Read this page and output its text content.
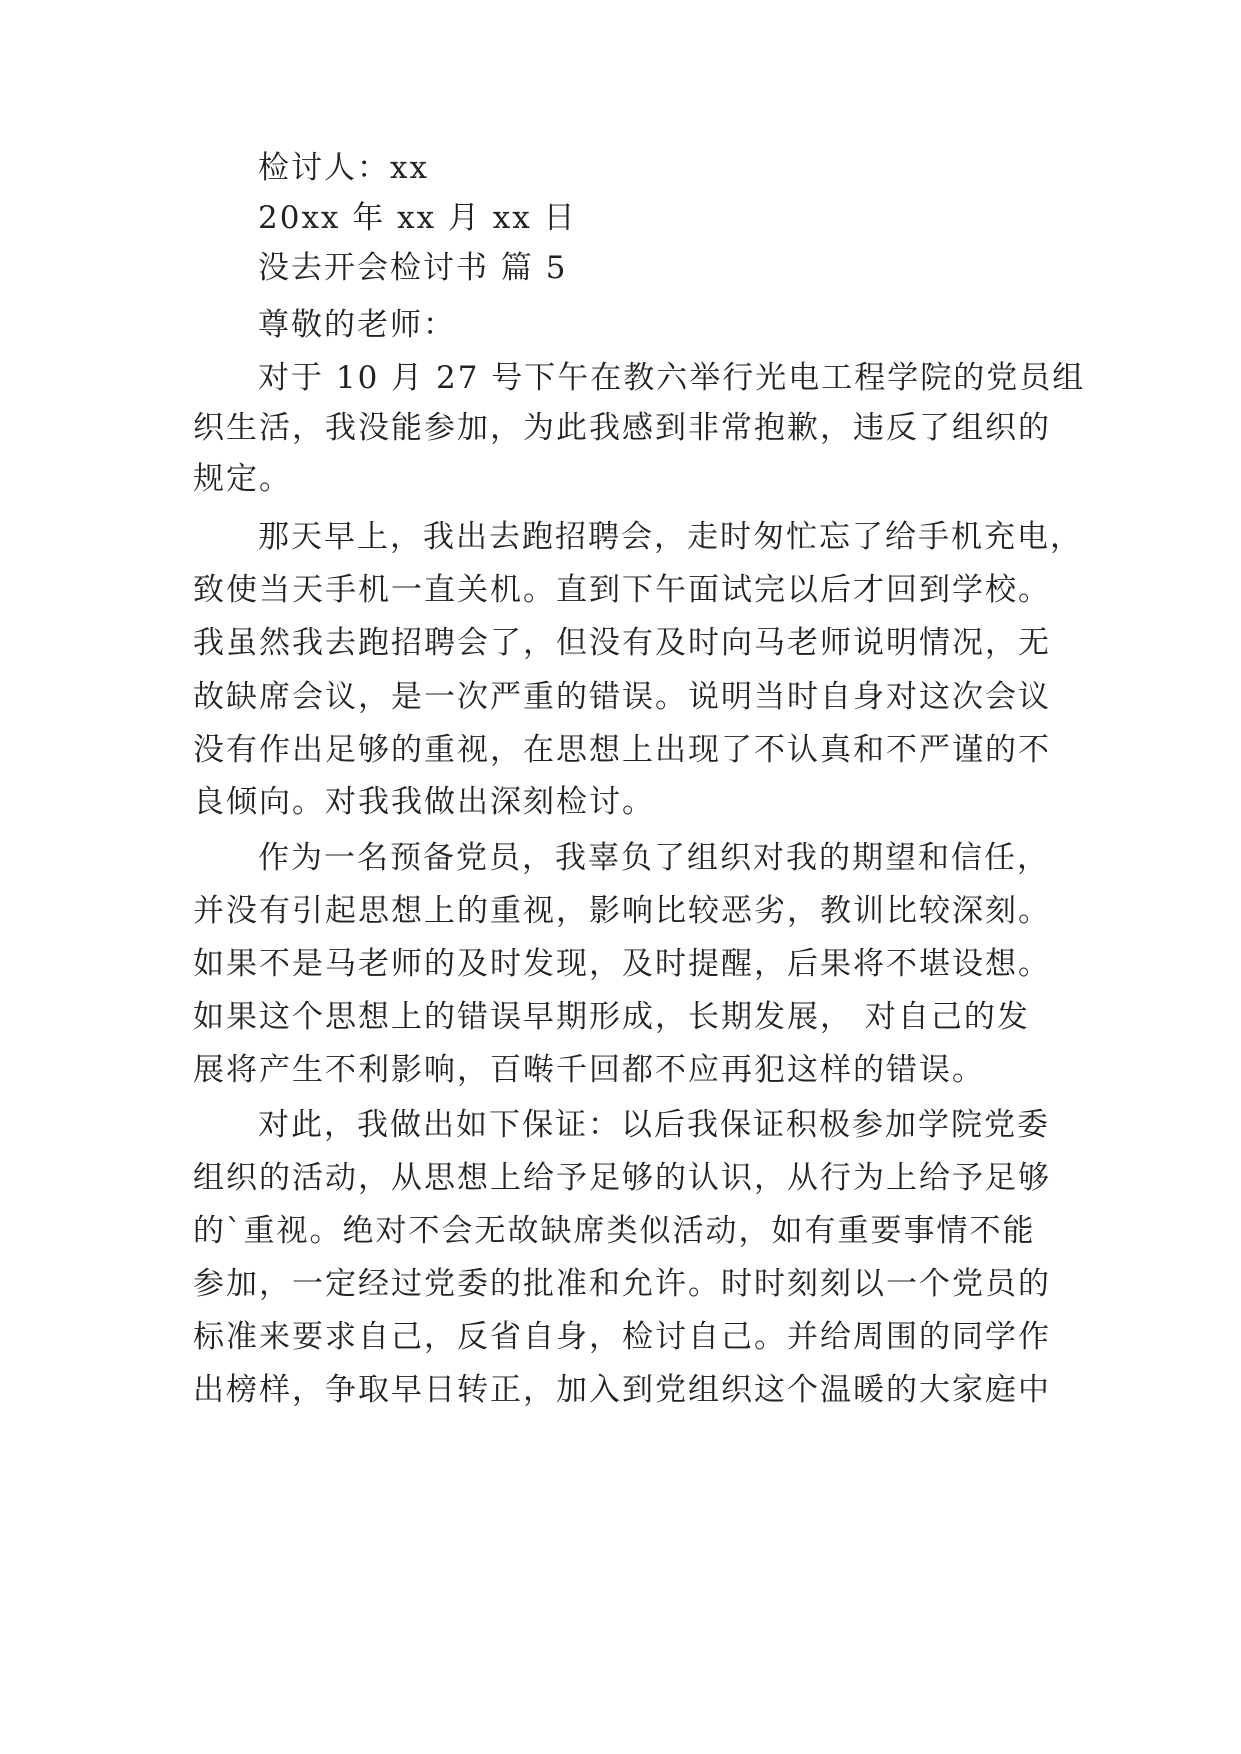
检讨人：xx
20xx 年 xx 月 xx 日
没去开会检讨书 篇 5
尊敬的老师：
对于 10 月 27 号下午在教六举行光电工程学院的党员组
织生活，我没能参加，为此我感到非常抱歉，违反了组织的
规定。
那天早上，我出去跑招聘会，走时匆忙忘了给手机充电，
致使当天手机一直关机。直到下午面试完以后才回到学校。
我虽然我去跑招聘会了，但没有及时向马老师说明情况，无
故缺席会议，是一次严重的错误。说明当时自身对这次会议
没有作出足够的重视，在思想上出现了不认真和不严谨的不
良倾向。对我我做出深刻检讨。
作为一名预备党员，我辜负了组织对我的期望和信任，
并没有引起思想上的重视，影响比较恶劣，教训比较深刻。
如果不是马老师的及时发现，及时提醒，后果将不堪设想。
如果这个思想上的错误早期形成，长期发展， 对自己的发
展将产生不利影响，百啭千回都不应再犯这样的错误。
对此，我做出如下保证：以后我保证积极参加学院党委
组织的活动，从思想上给予足够的认识，从行为上给予足够
的`重视。绝对不会无故缺席类似活动，如有重要事情不能
参加，一定经过党委的批准和允许。时时刻刻以一个党员的
标准来要求自己，反省自身，检讨自己。并给周围的同学作
出榜样，争取早日转正，加入到党组织这个温暖的大家庭中
